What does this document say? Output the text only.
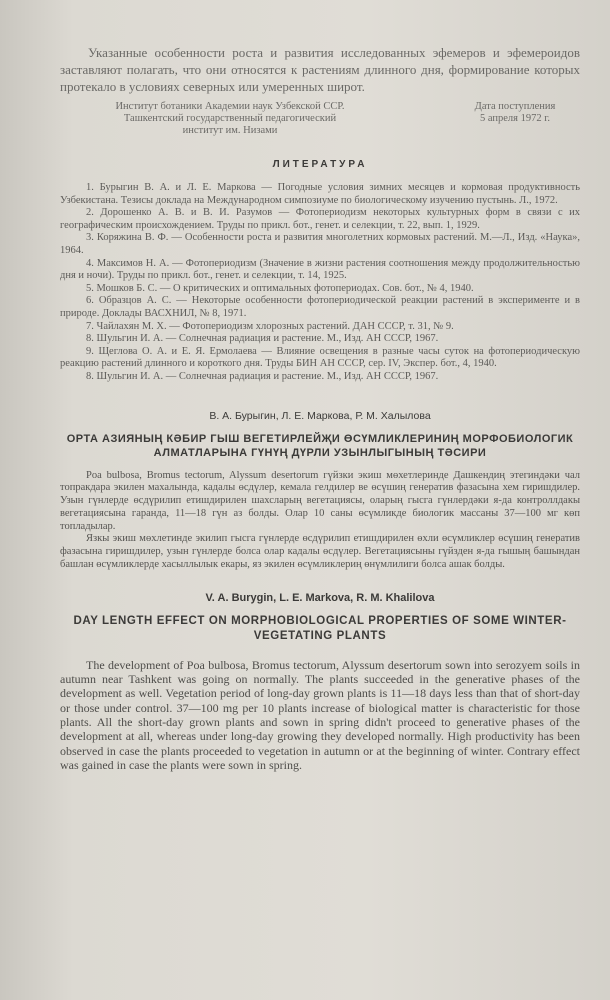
Указанные особенности роста и развития исследованных эфемеров и эфемероидов заставляют полагать, что они относятся к растениям длинного дня, формирование которых протекало в условиях северных или умеренных широт.

Институт ботаники Академии наук Узбекской ССР.
Ташкентский государственный педагогический
институт им. Низами
Дата поступления
5 апреля 1972 г.
ЛИТЕРАТУРА

1. Бурыгин В. А. и Л. Е. Маркова — Погодные условия зимних месяцев и кормовая продуктивность Узбекистана. Тезисы доклада на Международном симпозиуме по биологическому изучению пустынь. Л., 1972.

2. Дорошенко А. В. и В. И. Разумов — Фотопериодизм некоторых культурных форм в связи с их географическим происхождением. Труды по прикл. бот., генет. и селекции, т. 22, вып. 1, 1929.

3. Коряжина В. Ф. — Особенности роста и развития многолетних кормовых растений. М.—Л., Изд. «Наука», 1964.

4. Максимов Н. А. — Фотопериодизм (Значение в жизни растения соотношения между продолжительностью дня и ночи). Труды по прикл. бот., генет. и селекции, т. 14, 1925.

5. Мошков Б. С. — О критических и оптимальных фотопериодах. Сов. бот., № 4, 1940.

6. Образцов А. С. — Некоторые особенности фотопериодической реакции растений в эксперименте и в природе. Доклады ВАСХНИЛ, № 8, 1971.

7. Чайлахян М. Х. — Фотопериодизм хлорозных растений. ДАН СССР, т. 31, № 9.

8. Шульгин И. А. — Солнечная радиация и растение. М., Изд. АН СССР, 1967.

9. Щеглова О. А. и Е. Я. Ермолаева — Влияние освещения в разные часы суток на фотопериодическую реакцию растений длинного и короткого дня. Труды БИН АН СССР, сер. IV, Экспер. бот., 4, 1940.

8. Шульгин И. А. — Солнечная радиация и растение. М., Изд. АН СССР, 1967.

В. А. Бурыгин, Л. Е. Маркова, Р. М. Халылова
ОРТА АЗИЯНЫҢ КӘБИР ГЫШ ВЕГЕТИРЛЕЙҖИ ӨСҮМЛИКЛЕРИНИҢ МОРФОБИОЛОГИК АЛМАТЛАРЫНА ГҮНҮҢ ДҮРЛИ УЗЫНЛЫГЫНЫҢ ТӘСИРИ

Poa bulbosa, Bromus tectorum, Alyssum desertorum гүйзки экиш мөхетлеринде Дашкендиң этегиндәки чал топракдара экилен махалында, кадалы өсдүлер, кемала гелдилер ве өсүшиң генератив фазасына хем гиришдилер. Узын гүнлерде өсдүрилип етишдирилен шахсларың вегетациясы, оларың гысга гүнлердәки я-да контроллдакы вегетациясына гаранда, 11—18 гүн аз болды. Олар 10 саны өсүмликде биологик массаны 37—100 мг көп топладылар.

Язкы экиш мөхлетинде экилип гысга гүнлерде өсдүрилип етишдирилен өхли өсүмликлер өсүшиң генератив фазасына гиришдилер, узын гүнлерде болса олар кадалы өсдүлер. Вегетациясыны гүйзден я-да гышың башындан башлан өсүмликлерде хасыллылык екары, яз экилен өсүмликлериң өнүмлилиги болса ашак болды.

V. A. Burygin, L. E. Markova, R. M. Khalilova
DAY LENGTH EFFECT ON MORPHOBIOLOGICAL PROPERTIES OF SOME WINTER-VEGETATING PLANTS

The development of Poa bulbosa, Bromus tectorum, Alyssum desertorum sown into serozyem soils in autumn near Tashkent was going on normally. The plants succeeded in the generative phases of the development as well. Vegetation period of long-day grown plants is 11—18 days less than that of short-day or those under control. 37—100 mg per 10 plants increase of biological matter is characteristic for those plants. All the short-day grown plants and sown in spring didn't proceed to generative phases of the development at all, whereas under long-day growing they developed normally. High productivity has been observed in case the plants proceeded to vegetation in autumn or at the beginning of winter. Contrary effect was gained in case the plants were sown in spring.
